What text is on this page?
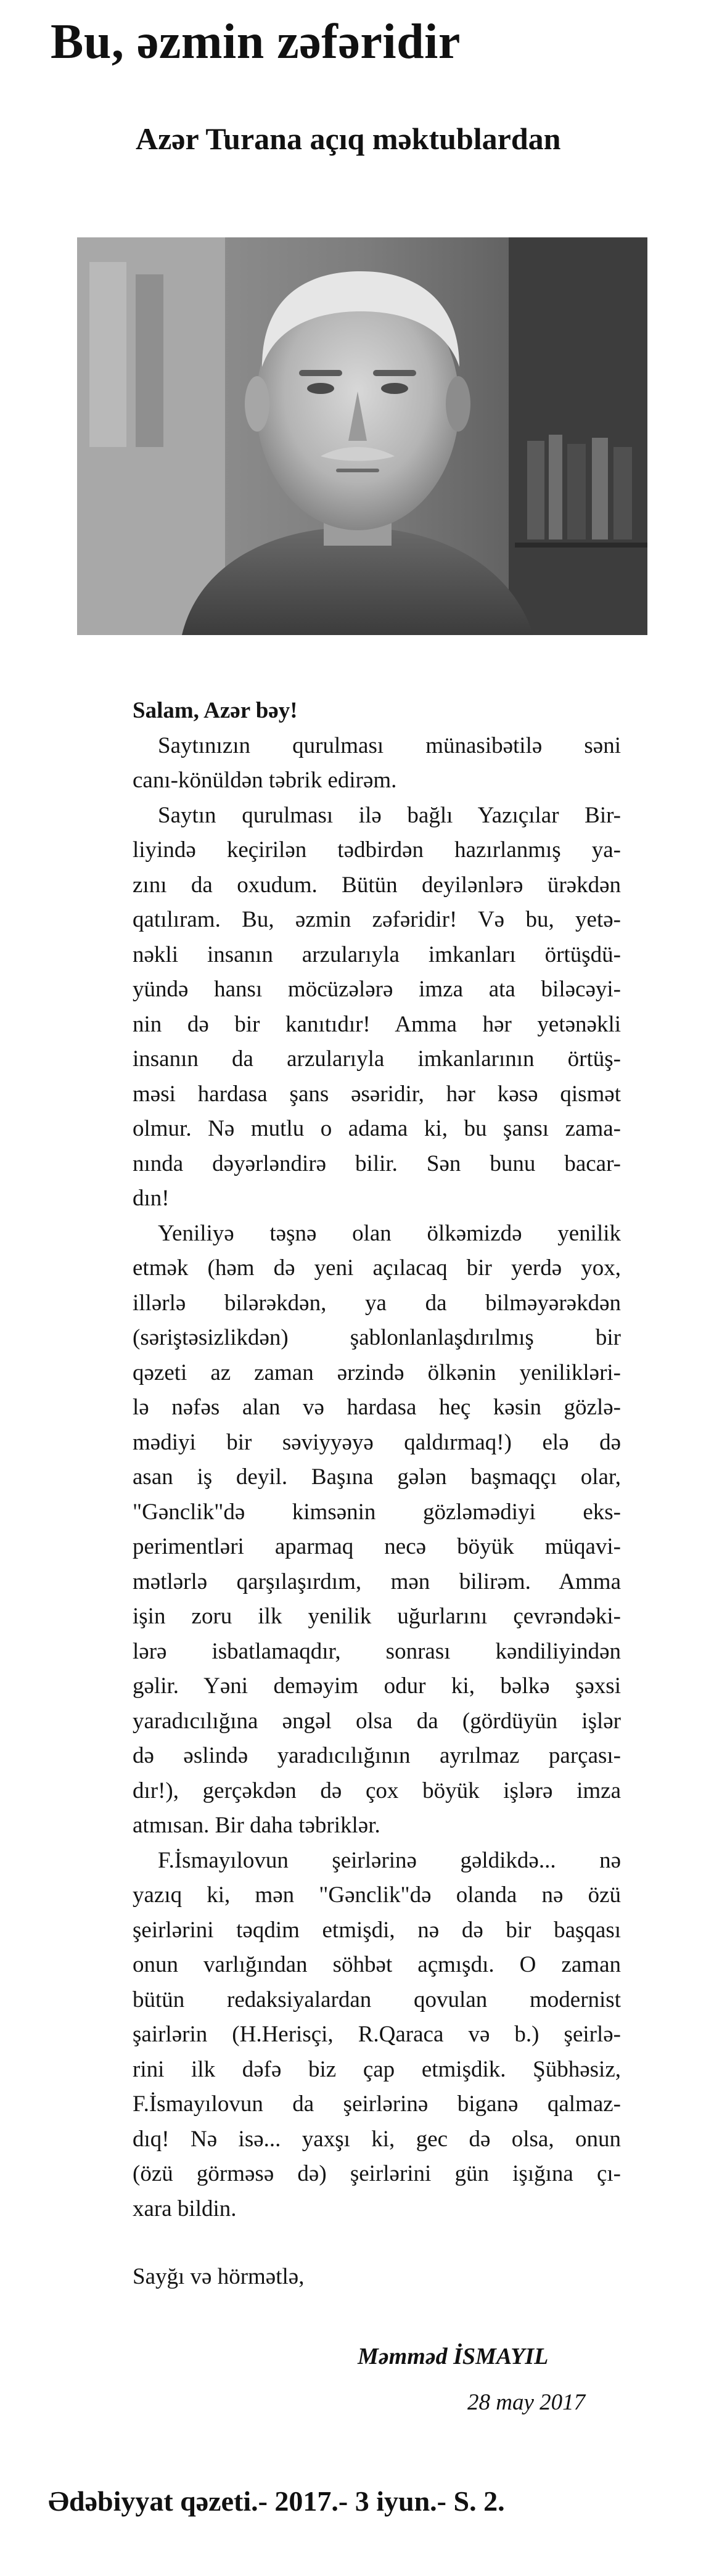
Bu, əzmin zəfəridir
Azər Turana açıq məktublardan
Salam, Azər bəy!
 Saytınızın qurulması münasibətilə səni
canı-könüldən təbrik edirəm.
 Saytın qurulması ilə bağlı Yazıçılar Bir-
liyində keçirilən tədbirdən hazırlanmış ya-
zını da oxudum. Bütün deyilənlərə ürəkdən
qatılıram. Bu, əzmin zəfəridir! Və bu, yetə-
nəkli insanın arzularıyla imkanları örtüşdü-
yündə hansı möcüzələrə imza ata biləcəyi-
nin də bir kanıtıdır! Amma hər yetənəkli
insanın da arzularıyla imkanlarının örtüş-
məsi hardasa şans əsəridir, hər kəsə qismət
olmur. Nə mutlu o adama ki, bu şansı zama-
nında dəyərləndirə bilir. Sən bunu bacar-
dın!
 Yeniliyə təşnə olan ölkəmizdə yenilik
etmək (həm də yeni açılacaq bir yerdə yox,
illərlə bilərəkdən, ya da bilməyərəkdən
(səriştəsizlikdən) şablonlanlaşdırılmış bir
qəzeti az zaman ərzində ölkənin yenilikləri-
lə nəfəs alan və hardasa heç kəsin gözlə-
mədiyi bir səviyyəyə qaldırmaq!) elə də
asan iş deyil. Başına gələn başmaqçı olar,
"Gənclik"də kimsənin gözləmədiyi eks-
perimentləri aparmaq necə böyük müqavi-
mətlərlə qarşılaşırdım, mən bilirəm. Amma
işin zoru ilk yenilik uğurlarını çevrəndəki-
lərə isbatlamaqdır, sonrası kəndiliyindən
gəlir. Yəni deməyim odur ki, bəlkə şəxsi
yaradıcılığına əngəl olsa da (gördüyün işlər
də əslində yaradıcılığının ayrılmaz parçası-
dır!), gerçəkdən də çox böyük işlərə imza
atmısan. Bir daha təbriklər.
 F.İsmayılovun şeirlərinə gəldikdə... nə
yazıq ki, mən "Gənclik"də olanda nə özü
şeirlərini təqdim etmişdi, nə də bir başqası
onun varlığından söhbət açmışdı. O zaman
bütün redaksiyalardan qovulan modernist
şairlərin (H.Herisçi, R.Qaraca və b.) şeirlə-
rini ilk dəfə biz çap etmişdik. Şübhəsiz,
F.İsmayılovun da şeirlərinə biganə qalmaz-
dıq! Nə isə... yaxşı ki, gec də olsa, onun
(özü görməsə də) şeirlərini gün işığına çı-
xara bildin.
Sayğı və hörmətlə,
Məmməd İSMAYIL
28 may 2017
Ədəbiyyat qəzeti.- 2017.- 3 iyun.- S. 2.
